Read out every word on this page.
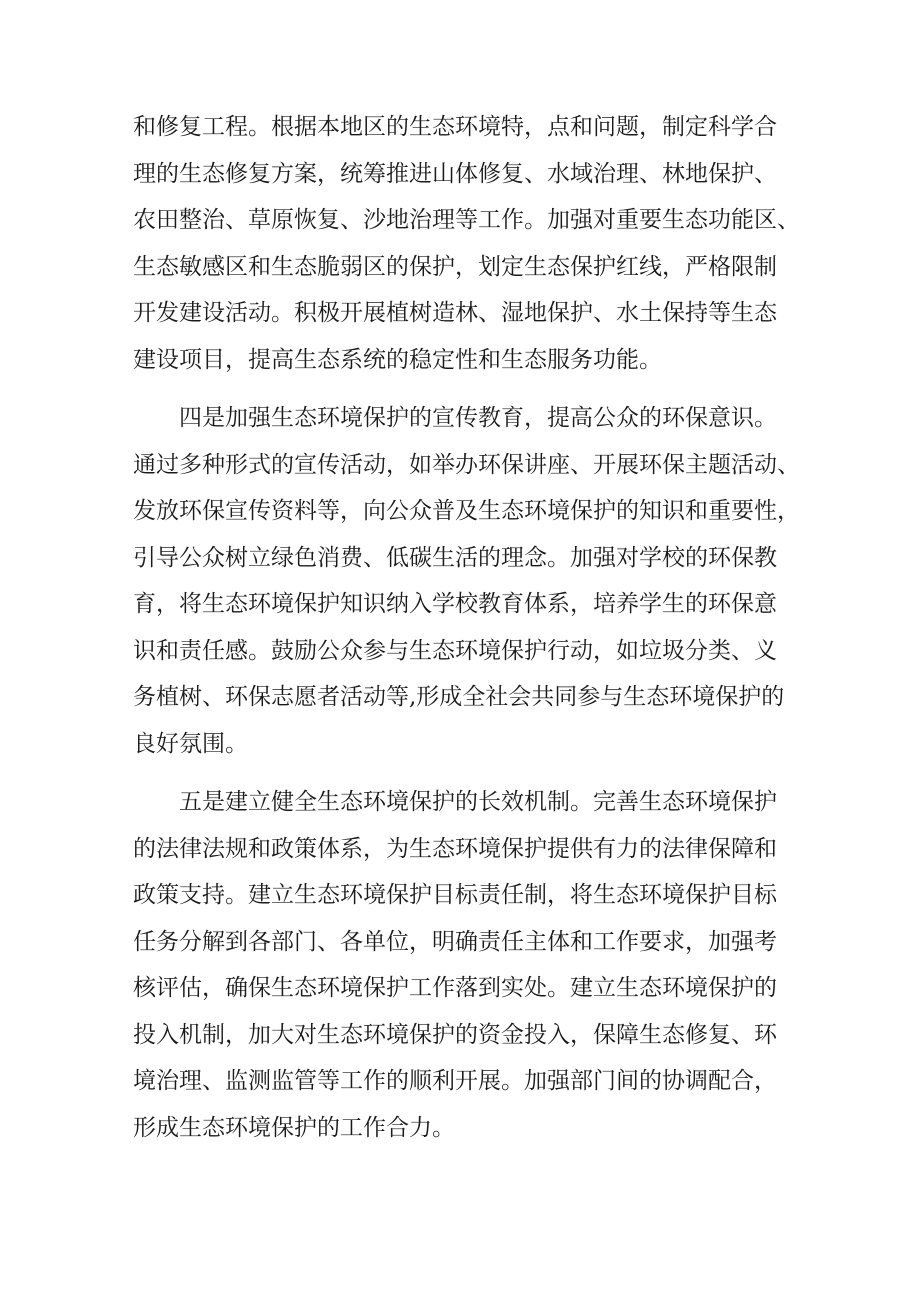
和修复工程。根据本地区的生态环境特，点和问题，制定科学合
理的生态修复方案，统筹推进山体修复、水域治理、林地保护、
农田整治、草原恢复、沙地治理等工作。加强对重要生态功能区、
生态敏感区和生态脆弱区的保护，划定生态保护红线，严格限制
开发建设活动。积极开展植树造林、湿地保护、水土保持等生态
建设项目，提高生态系统的稳定性和生态服务功能。
四是加强生态环境保护的宣传教育，提高公众的环保意识。
通过多种形式的宣传活动，如举办环保讲座、开展环保主题活动、
发放环保宣传资料等，向公众普及生态环境保护的知识和重要性，
引导公众树立绿色消费、低碳生活的理念。加强对学校的环保教
育，将生态环境保护知识纳入学校教育体系，培养学生的环保意
识和责任感。鼓励公众参与生态环境保护行动，如垃圾分类、义
务植树、环保志愿者活动等,形成全社会共同参与生态环境保护的
良好氛围。
五是建立健全生态环境保护的长效机制。完善生态环境保护
的法律法规和政策体系，为生态环境保护提供有力的法律保障和
政策支持。建立生态环境保护目标责任制，将生态环境保护目标
任务分解到各部门、各单位，明确责任主体和工作要求，加强考
核评估，确保生态环境保护工作落到实处。建立生态环境保护的
投入机制，加大对生态环境保护的资金投入，保障生态修复、环
境治理、监测监管等工作的顺利开展。加强部门间的协调配合，
形成生态环境保护的工作合力。
